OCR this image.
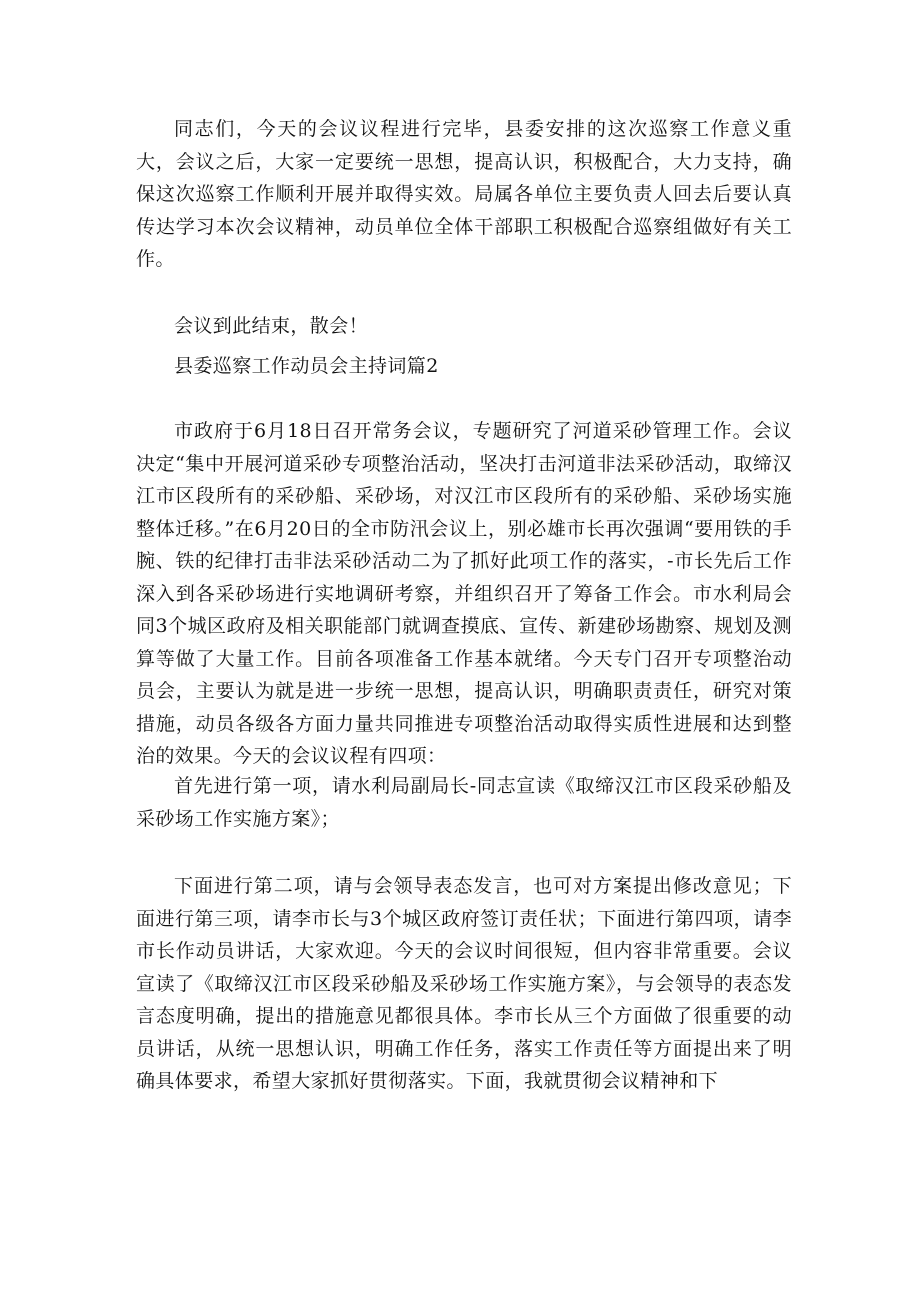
同志们，今天的会议议程进行完毕，县委安排的这次巡察工作意义重大，会议之后，大家一定要统一思想，提高认识，积极配合，大力支持，确保这次巡察工作顺利开展并取得实效。局属各单位主要负责人回去后要认真传达学习本次会议精神，动员单位全体干部职工积极配合巡察组做好有关工作。

会议到此结束，散会！

县委巡察工作动员会主持词篇2

市政府于6月18日召开常务会议，专题研究了河道采砂管理工作。会议决定“集中开展河道采砂专项整治活动，坚决打击河道非法采砂活动，取缔汉江市区段所有的采砂船、采砂场，对汉江市区段所有的采砂船、采砂场实施整体迁移。”在6月20日的全市防汛会议上，别必雄市长再次强调“要用铁的手腕、铁的纪律打击非法采砂活动二为了抓好此项工作的落实，-市长先后工作深入到各采砂场进行实地调研考察，并组织召开了筹备工作会。市水利局会同3个城区政府及相关职能部门就调查摸底、宣传、新建砂场勘察、规划及测算等做了大量工作。目前各项准备工作基本就绪。今天专门召开专项整治动员会，主要认为就是进一步统一思想，提高认识，明确职责责任，研究对策措施，动员各级各方面力量共同推进专项整治活动取得实质性进展和达到整治的效果。今天的会议议程有四项：

首先进行第一项，请水利局副局长-同志宣读《取缔汉江市区段采砂船及采砂场工作实施方案》；

下面进行第二项，请与会领导表态发言，也可对方案提出修改意见；下面进行第三项，请李市长与3个城区政府签订责任状；下面进行第四项，请李市长作动员讲话，大家欢迎。今天的会议时间很短，但内容非常重要。会议宣读了《取缔汉江市区段采砂船及采砂场工作实施方案》，与会领导的表态发言态度明确，提出的措施意见都很具体。李市长从三个方面做了很重要的动员讲话，从统一思想认识，明确工作任务，落实工作责任等方面提出来了明确具体要求，希望大家抓好贯彻落实。下面，我就贯彻会议精神和下
